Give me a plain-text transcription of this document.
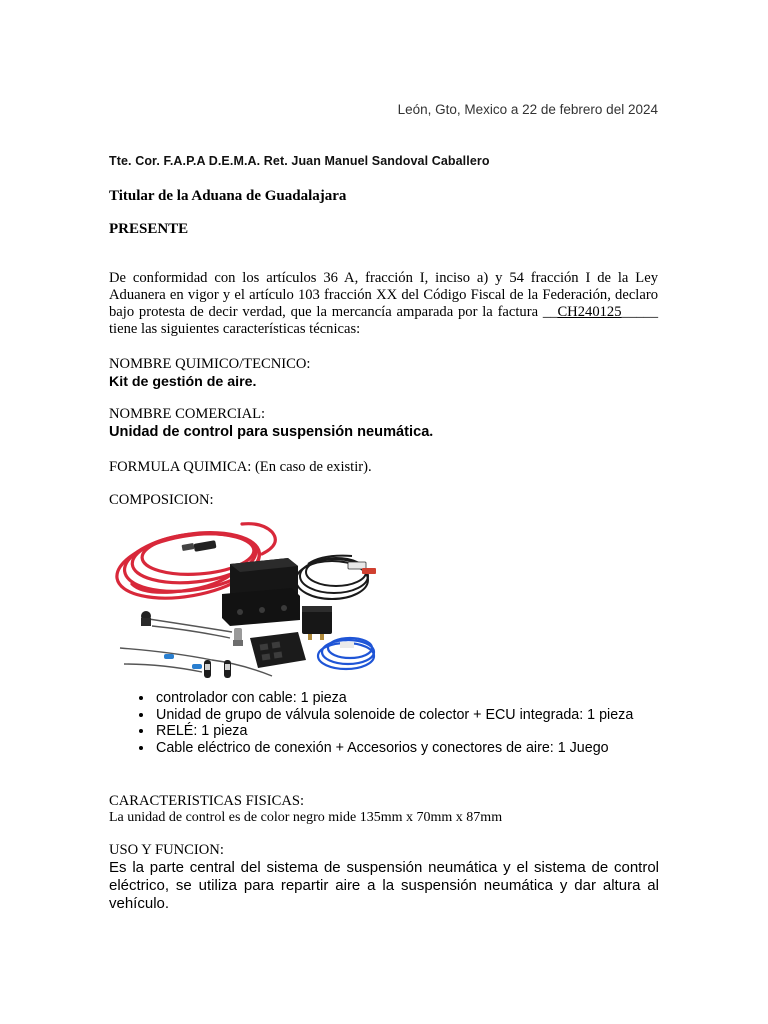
León, Gto, Mexico a 22 de febrero del 2024
Tte. Cor. F.A.P.A D.E.M.A. Ret. Juan Manuel Sandoval Caballero
Titular de la Aduana de Guadalajara
PRESENTE
De conformidad con los artículos 36 A, fracción I, inciso a) y 54 fracción I de la Ley Aduanera en vigor y el artículo 103 fracción XX del Código Fiscal de la Federación, declaro bajo protesta de decir verdad, que la mercancía amparada por la factura __CH240125_____ tiene las siguientes características técnicas:
NOMBRE QUIMICO/TECNICO:
Kit de gestión de aire.
NOMBRE COMERCIAL:
Unidad de control para suspensión neumática.
FORMULA QUIMICA: (En caso de existir).
COMPOSICION:
• controlador con cable: 1 pieza
• Unidad de grupo de válvula solenoide de colector + ECU integrada: 1 pieza
• RELÉ: 1 pieza
• Cable eléctrico de conexión + Accesorios y conectores de aire: 1 Juego
CARACTERISTICAS FISICAS:
La unidad de control es de color negro mide 135mm x 70mm x 87mm
USO Y FUNCION:
Es la parte central del sistema de suspensión neumática y el sistema de control eléctrico, se utiliza para repartir aire a la suspensión neumática y dar altura al vehículo.
